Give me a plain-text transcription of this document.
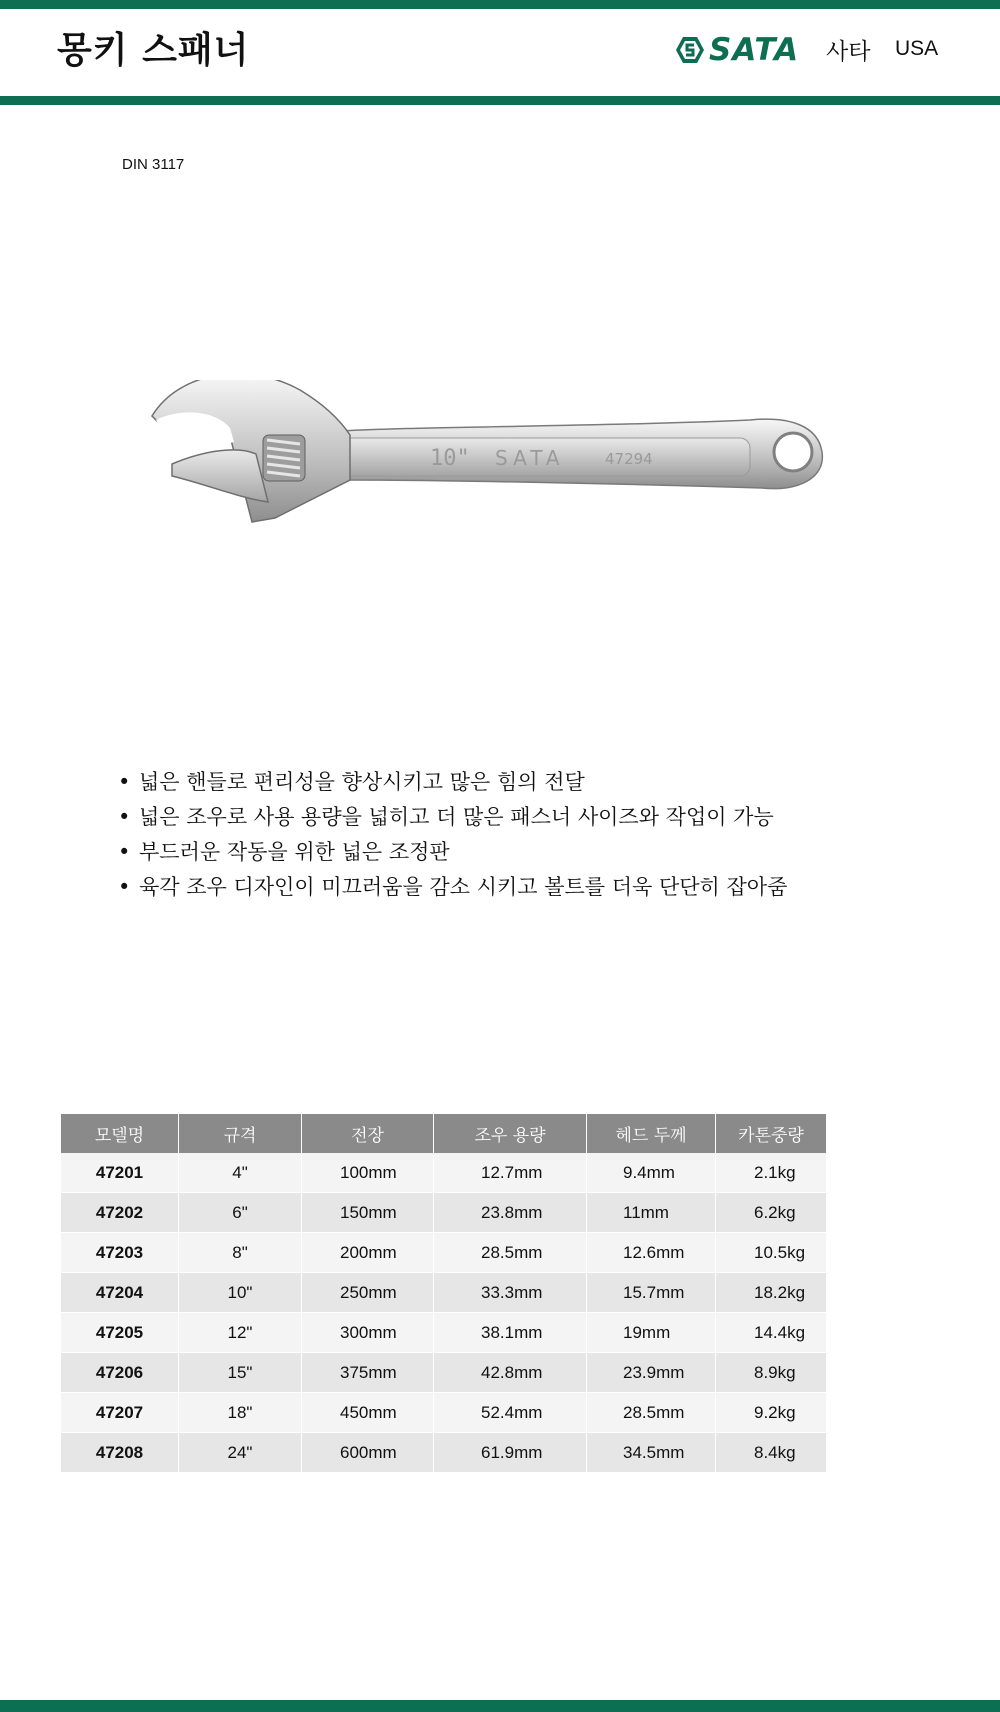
몽키 스패너	SATA 사타 USA
DIN 3117
10" SATA	47294
• 넓은 핸들로 편리성을 향상시키고 많은 힘의 전달
• 넓은 조우로 사용 용량을 넓히고 더 많은 패스너 사이즈와 작업이 가능
• 부드러운 작동을 위한 넓은 조정판
• 육각 조우 디자인이 미끄러움을 감소 시키고 볼트를 더욱 단단히 잡아줌
모델명	규격	전장	조우 용량	헤드 두께	카톤중량
47201	4"	100mm	12.7mm	9.4mm	2.1kg
47202	6"	150mm	23.8mm	11mm	6.2kg
47203	8"	200mm	28.5mm	12.6mm	10.5kg
47204	10"	250mm	33.3mm	15.7mm	18.2kg
47205	12"	300mm	38.1mm	19mm	14.4kg
47206	15"	375mm	42.8mm	23.9mm	8.9kg
47207	18"	450mm	52.4mm	28.5mm	9.2kg
47208	24"	600mm	61.9mm	34.5mm	8.4kg
